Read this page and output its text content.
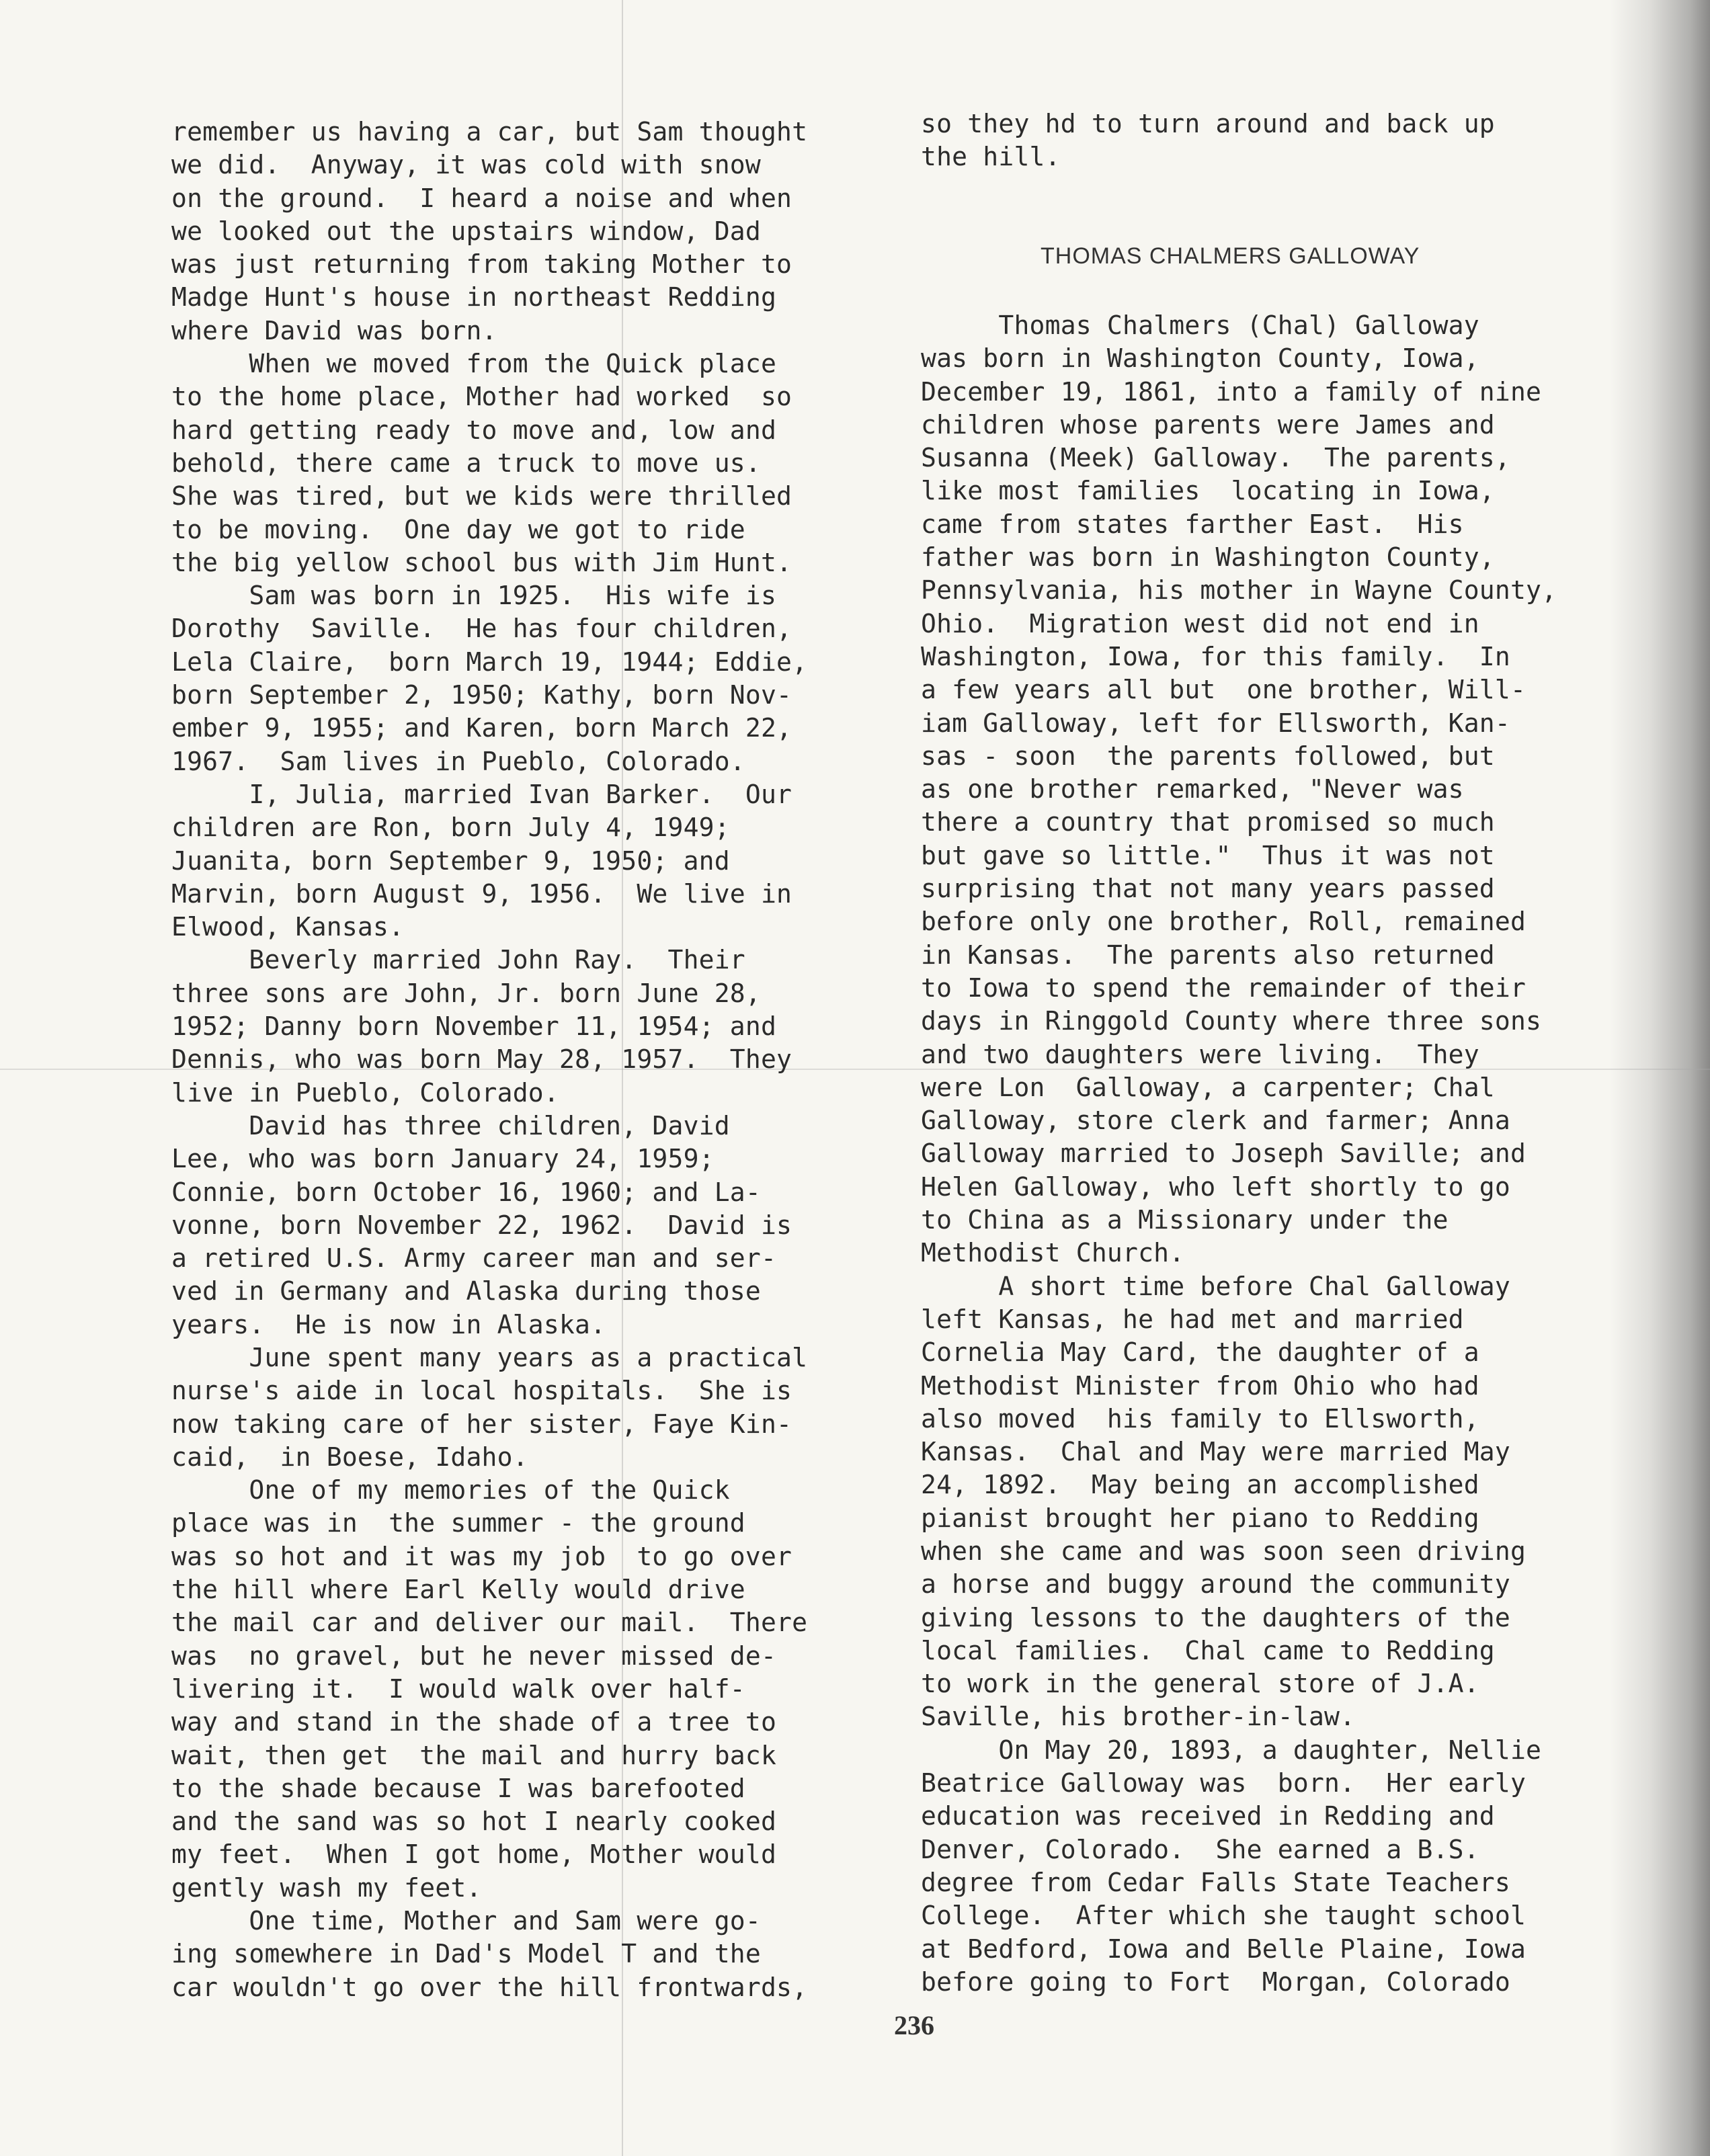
remember us having a car, but Sam thought
we did.  Anyway, it was cold with snow
on the ground.  I heard a noise and when
we looked out the upstairs window, Dad
was just returning from taking Mother to
Madge Hunt's house in northeast Redding
where David was born.
When we moved from the Quick place
to the home place, Mother had worked  so
hard getting ready to move and, low and
behold, there came a truck to move us.
She was tired, but we kids were thrilled
to be moving.  One day we got to ride
the big yellow school bus with Jim Hunt.
Sam was born in 1925.  His wife is
Dorothy  Saville.  He has four children,
Lela Claire,  born March 19, 1944; Eddie,
born September 2, 1950; Kathy, born Nov-
ember 9, 1955; and Karen, born March 22,
1967.  Sam lives in Pueblo, Colorado.
I, Julia, married Ivan Barker.  Our
children are Ron, born July 4, 1949;
Juanita, born September 9, 1950; and
Marvin, born August 9, 1956.  We live in
Elwood, Kansas.
Beverly married John Ray.  Their
three sons are John, Jr. born June 28,
1952; Danny born November 11, 1954; and
Dennis, who was born May 28, 1957.  They
live in Pueblo, Colorado.
David has three children, David
Lee, who was born January 24, 1959;
Connie, born October 16, 1960; and La-
vonne, born November 22, 1962.  David is
a retired U.S. Army career man and ser-
ved in Germany and Alaska during those
years.  He is now in Alaska.
June spent many years as a practical
nurse's aide in local hospitals.  She is
now taking care of her sister, Faye Kin-
caid,  in Boese, Idaho.
One of my memories of the Quick
place was in  the summer - the ground
was so hot and it was my job  to go over
the hill where Earl Kelly would drive
the mail car and deliver our mail.  There
was  no gravel, but he never missed de-
livering it.  I would walk over half-
way and stand in the shade of a tree to
wait, then get  the mail and hurry back
to the shade because I was barefooted
and the sand was so hot I nearly cooked
my feet.  When I got home, Mother would
gently wash my feet.
One time, Mother and Sam were go-
ing somewhere in Dad's Model T and the
car wouldn't go over the hill frontwards,
so they hd to turn around and back up
the hill.
THOMAS CHALMERS GALLOWAY
Thomas Chalmers (Chal) Galloway
was born in Washington County, Iowa,
December 19, 1861, into a family of nine
children whose parents were James and
Susanna (Meek) Galloway.  The parents,
like most families  locating in Iowa,
came from states farther East.  His
father was born in Washington County,
Pennsylvania, his mother in Wayne County,
Ohio.  Migration west did not end in
Washington, Iowa, for this family.  In
a few years all but  one brother, Will-
iam Galloway, left for Ellsworth, Kan-
sas - soon  the parents followed, but
as one brother remarked, "Never was
there a country that promised so much
but gave so little."  Thus it was not
surprising that not many years passed
before only one brother, Roll, remained
in Kansas.  The parents also returned
to Iowa to spend the remainder of their
days in Ringgold County where three sons
and two daughters were living.  They
were Lon  Galloway, a carpenter; Chal
Galloway, store clerk and farmer; Anna
Galloway married to Joseph Saville; and
Helen Galloway, who left shortly to go
to China as a Missionary under the
Methodist Church.
A short time before Chal Galloway
left Kansas, he had met and married
Cornelia May Card, the daughter of a
Methodist Minister from Ohio who had
also moved  his family to Ellsworth,
Kansas.  Chal and May were married May
24, 1892.  May being an accomplished
pianist brought her piano to Redding
when she came and was soon seen driving
a horse and buggy around the community
giving lessons to the daughters of the
local families.  Chal came to Redding
to work in the general store of J.A.
Saville, his brother-in-law.
On May 20, 1893, a daughter, Nellie
Beatrice Galloway was  born.  Her early
education was received in Redding and
Denver, Colorado.  She earned a B.S.
degree from Cedar Falls State Teachers
College.  After which she taught school
at Bedford, Iowa and Belle Plaine, Iowa
before going to Fort  Morgan, Colorado
236
